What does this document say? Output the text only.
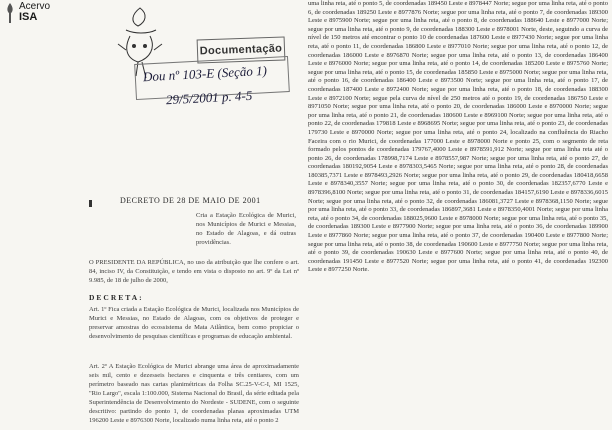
Acervo
ISA
Documentação
Dou nº 103-E (Seção 1)
29/5/2001 p. 4-5
DECRETO DE 28 DE MAIO DE 2001
Cria a Estação Ecológica de Murici, nos Municípios de Murici e Messias, no Estado de Alagoas, e dá outras providências.
O PRESIDENTE DA REPÚBLICA, no uso da atribuição que lhe confere o art. 84, inciso IV, da Constituição, e tendo em vista o disposto no art. 9º da Lei nº 9.985, de 18 de julho de 2000,
DECRETA:
Art. 1º Fica criada a Estação Ecológica de Murici, localizada nos Municípios de Murici e Messias, no Estado de Alagoas, com os objetivos de proteger e preservar amostras do ecossistema de Mata Atlântica, bem como propiciar o desenvolvimento de pesquisas científicas e programas de educação ambiental.
Art. 2º A Estação Ecológica de Murici abrange uma área de aproximadamente seis mil, cento e dezesseis hectares e cinquenta e três centiares, com um perímetro baseado nas cartas planimétricas da Folha SC.25-V-C-I, MI 1525, "Rio Largo", escala 1:100.000, Sistema Nacional do Brasil, da série editada pela Superintendência de Desenvolvimento do Nordeste - SUDENE, com o seguinte descritivo: partindo do ponto 1, de coordenadas planas aproximadas UTM 196200 Leste e 8976300 Norte, localizado numa linha reta, até o ponto 2
uma linha reta, até o ponto 5, de coordenadas 189450 Leste e 8978447 Norte; segue por uma linha reta, até o ponto 6, de coordenadas 189250 Leste e 8977876 Norte; segue por uma linha reta, até o ponto 7, de coordenadas 189300 Leste e 8975900 Norte; segue por uma linha reta, até o ponto 8, de coordenadas 188640 Leste e 8977000 Norte; segue por uma linha reta, até o ponto 9, de coordenadas 188300 Leste e 8978001 Norte, deste, seguindo a curva de nível de 150 metros até encontrar o ponto 10 de coordenadas 187600 Leste e 8977430 Norte; segue por uma linha reta, até o ponto 11, de coordenadas 186800 Leste e 8977010 Norte; segue por uma linha reta, até o ponto 12, de coordenadas 186000 Leste e 8976870 Norte; segue por uma linha reta, até o ponto 13, de coordenadas 186400 Leste e 8976000 Norte; segue por uma linha reta, até o ponto 14, de coordenadas 185200 Leste e 8975760 Norte; segue por uma linha reta, até o ponto 15, de coordenadas 185850 Leste e 8975000 Norte; segue por uma linha reta, até o ponto 16, de coordenadas 186400 Leste e 8973500 Norte; segue por uma linha reta, até o ponto 17, de coordenadas 187400 Leste e 8972400 Norte; segue por uma linha reta, até o ponto 18, de coordenadas 188300 Leste e 8972100 Norte; segue pela curva de nível de 250 metros até o ponto 19, de coordenadas 186750 Leste e 8971050 Norte; segue por uma linha reta, até o ponto 20, de coordenadas 186000 Leste e 8970000 Norte; segue por uma linha reta, até o ponto 21, de coordenadas 180600 Leste e 8969100 Norte; segue por uma linha reta, até o ponto 22, de coordenadas 179818 Leste e 8968695 Norte; segue por uma linha reta, até o ponto 23, de coordenadas 179730 Leste e 8970000 Norte; segue por uma linha reta, até o ponto 24, localizado na confluência do Riacho Faceira com o rio Murici, de coordenadas 177000 Leste e 8978000 Norte e ponto 25, com o segmento de reta formado pelos pontos de coordenadas 179767,4000 Leste e 8978591,912 Norte; segue por uma linha reta até o ponto 26, de coordenadas 178998,7174 Leste e 8978557,987 Norte; segue por uma linha reta, até o ponto 27, de coordenadas 180192,9054 Leste e 8978303,5465 Norte; segue por uma linha reta, até o ponto 28, de coordenadas 180385,7371 Leste e 8978493,2926 Norte; segue por uma linha reta, até o ponto 29, de coordenadas 180418,6658 Leste e 8978340,3557 Norte; segue por uma linha reta, até o ponto 30, de coordenadas 182357,6770 Leste e 8978396,8100 Norte; segue por uma linha reta, até o ponto 31, de coordenadas 184157,6190 Leste e 8978336,6015 Norte; segue por uma linha reta, até o ponto 32, de coordenadas 186081,3727 Leste e 8978368,1150 Norte; segue por uma linha reta, até o ponto 33, de coordenadas 186897,3681 Leste e 8978350,4001 Norte; segue por uma linha reta, até o ponto 34, de coordenadas 188025,9600 Leste e 8978000 Norte; segue por uma linha reta, até o ponto 35, de coordenadas 189300 Leste e 8977900 Norte; segue por uma linha reta, até o ponto 36, de coordenadas 189900 Leste e 8977860 Norte; segue por uma linha reta, até o ponto 37, de coordenadas 190400 Leste e 8977800 Norte; segue por uma linha reta, até o ponto 38, de coordenadas 190600 Leste e 8977750 Norte; segue por uma linha reta, até o ponto 39, de coordenadas 190630 Leste e 8977600 Norte; segue por uma linha reta, até o ponto 40, de coordenadas 191450 Leste e 8977520 Norte; segue por uma linha reta, até o ponto 41, de coordenadas 192300 Leste e 8977250 Norte.
